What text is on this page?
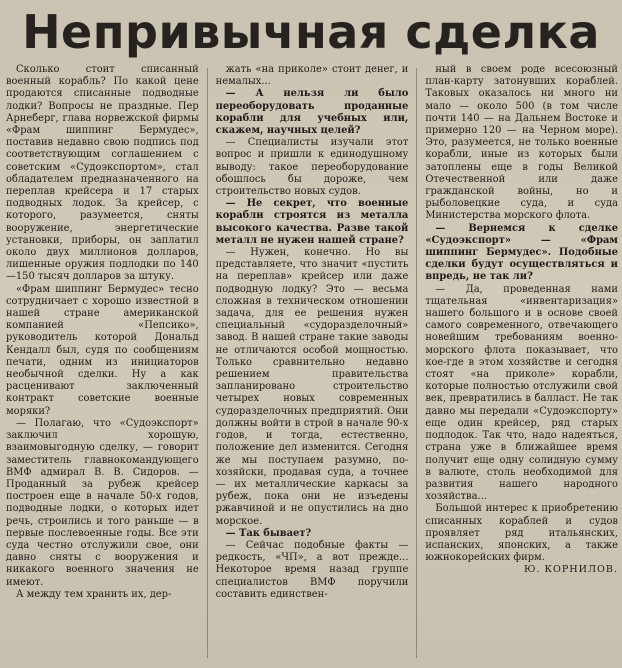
Непривычная сделка

Сколько стоит списанный военный корабль? По какой цене продаются списанные подводные лодки? Вопросы не праздные. Пер Арнеберг, глава норвежской фирмы «Фрам шиппинг Бермудес», поставив недавно свою подпись под соответствующим соглашением с советским «Судоэкспортом», стал обладателем предназначенного на переплав крейсера и 17 старых подводных лодок. За крейсер, с которого, разумеется, сняты вооружение, энергетические установки, приборы, он заплатил около двух миллионов долларов, лишенные оружия подлодки по 140—150 тысяч долларов за штуку.

«Фрам шиппинг Бермудес» тесно сотрудничает с хорошо известной в нашей стране американской компанией «Пепсико», руководитель которой Дональд Кендалл был, судя по сообщениям печати, одним из инициаторов необычной сделки. Ну а как расценивают заключенный контракт советские военные моряки?

— Полагаю, что «Судоэкспорт» заключил хорошую, взаимовыгодную сделку, — говорит заместитель главнокомандующего ВМФ адмирал В. В. Сидоров. — Проданный за рубеж крейсер построен еще в начале 50-х годов, подводные лодки, о которых идет речь, строились и того раньше — в первые послевоенные годы. Все эти суда честно отслужили свое, они давно сняты с вооружения и никакого военного значения не имеют.

А между тем хранить их, дер-

жать «на приколе» стоит денег, и немалых...

— А нельзя ли было переоборудовать проданные корабли для учебных или, скажем, научных целей?

— Специалисты изучали этот вопрос и пришли к единодушному выводу: такое переоборудование обошлось бы дороже, чем строительство новых судов.

— Не секрет, что военные корабли строятся из металла высокого качества. Разве такой металл не нужен нашей стране?

— Нужен, конечно. Но вы представляете, что значит «пустить на переплав» крейсер или даже подводную лодку? Это — весьма сложная в техническом отношении задача, для ее решения нужен специальный «судоразделочный» завод. В нашей стране такие заводы не отличаются особой мощностью. Только сравнительно недавно решением правительства запланировано строительство четырех новых современных судоразделочных предприятий. Они должны войти в строй в начале 90-х годов, и тогда, естественно, положение дел изменится. Сегодня же мы поступаем разумно, по-хозяйски, продавая суда, а точнее — их металлические каркасы за рубеж, пока они не изъедены ржавчиной и не опустились на дно морское.

— Так бывает?

— Сейчас подобные факты — редкость, «ЧП», а вот прежде... Некоторое время назад группе специалистов ВМФ поручили составить единствен-

ный в своем роде всесоюзный план-карту затонувших кораблей. Таковых оказалось ни много ни мало — около 500 (в том числе почти 140 — на Дальнем Востоке и примерно 120 — на Черном море). Это, разумеется, не только военные корабли, иные из которых были затоплены еще в годы Великой Отечественной или даже гражданской войны, но и рыболовецкие суда, и суда Министерства морского флота.

— Вернемся к сделке «Судоэкспорт» — «Фрам шиппинг Бермудес». Подобные сделки будут осуществляться и впредь, не так ли?

— Да, проведенная нами тщательная «инвентаризация» нашего большого и в основе своей самого современного, отвечающего новейшим требованиям военно-морского флота показывает, что кое-где в этом хозяйстве и сегодня стоят «на приколе» корабли, которые полностью отслужили свой век, превратились в балласт. Не так давно мы передали «Судоэкспорту» еще один крейсер, ряд старых подлодок. Так что, надо надеяться, страна уже в ближайшее время получит еще одну солидную сумму в валюте, столь необходимой для развития нашего народного хозяйства...

Большой интерес к приобретению списанных кораблей и судов проявляет ряд итальянских, испанских, японских, а также южнокорейских фирм.

Ю. КОРНИЛОВ.
